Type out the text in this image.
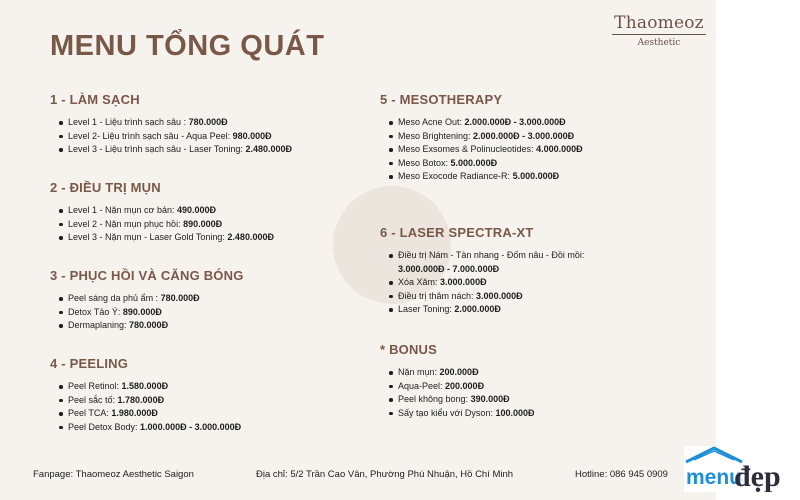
MENU TỔNG QUÁT
Thaomeoz
Aesthetic
1 - LÀM SẠCH
Level 1 - Liệu trình sạch sâu : 780.000Đ
Level 2- Liệu trình sạch sâu - Aqua Peel: 980.000Đ
Level 3 - Liệu trình sạch sâu - Laser Toning: 2.480.000Đ
2 - ĐIỀU TRỊ MỤN
Level 1 - Nặn mụn cơ bản: 490.000Đ
Level 2 - Nặn mụn phục hồi: 890.000Đ
Level 3 - Nặn mụn - Laser Gold Toning: 2.480.000Đ
3 - PHỤC HỒI VÀ CĂNG BÓNG
Peel sáng da phủ ẩm : 780.000Đ
Detox Tảo Ý: 890.000Đ
Dermaplaning: 780.000Đ
4 - PEELING
Peel Retinol: 1.580.000Đ
Peel sắc tố: 1.780.000Đ
Peel TCA: 1.980.000Đ
Peel Detox Body: 1.000.000Đ - 3.000.000Đ
5 - MESOTHERAPY
Meso Acne Out: 2.000.000Đ - 3.000.000Đ
Meso Brightening: 2.000.000Đ - 3.000.000Đ
Meso Exsomes & Polinucleotides: 4.000.000Đ
Meso Botox: 5.000.000Đ
Meso Exocode Radiance-R: 5.000.000Đ
6 - LASER SPECTRA-XT
Điều trị Nám - Tàn nhang - Đốm nâu - Đồi mồi:
3.000.000Đ - 7.000.000Đ
Xóa Xăm: 3.000.000Đ
Điều trị thâm nách: 3.000.000Đ
Laser Toning: 2.000.000Đ
* BONUS
Nặn mụn: 200.000Đ
Aqua-Peel: 200.000Đ
Peel không bong: 390.000Đ
Sấy tạo kiểu với Dyson: 100.000Đ
Fanpage: Thaomeoz Aesthetic Saigon	Địa chỉ: 5/2 Trần Cao Vân, Phường Phú Nhuận, Hồ Chí Minh	Hotline: 086 945 0909 menu
đẹp
